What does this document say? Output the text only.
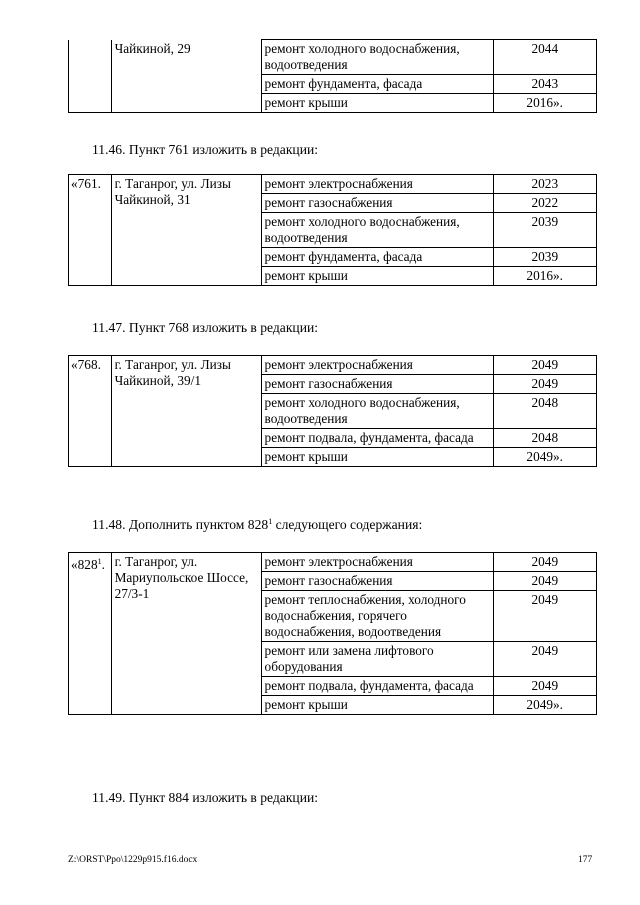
	Чайкиной, 29	ремонт холодного водоснабжения, водоотведения	2044
		ремонт фундамента, фасада	2043
		ремонт крыши	2016».
11.46. Пункт 761 изложить в редакции:
«761.	г. Таганрог, ул. Лизы Чайкиной, 31	ремонт электроснабжения	2023
		ремонт газоснабжения	2022
		ремонт холодного водоснабжения, водоотведения	2039
		ремонт фундамента, фасада	2039
		ремонт крыши	2016».
11.47. Пункт 768 изложить в редакции:
«768.	г. Таганрог, ул. Лизы Чайкиной, 39/1	ремонт электроснабжения	2049
		ремонт газоснабжения	2049
		ремонт холодного водоснабжения, водоотведения	2048
		ремонт подвала, фундамента, фасада	2048
		ремонт крыши	2049».
11.48. Дополнить пунктом $828^1$ следующего содержания:
«$828^1$.	г. Таганрог, ул. Мариупольское Шоссе, 27/3-1	ремонт электроснабжения	2049
		ремонт газоснабжения	2049
		ремонт теплоснабжения, холодного водоснабжения, горячего водоснабжения, водоотведения	2049
		ремонт или замена лифтового оборудования	2049
		ремонт подвала, фундамента, фасада	2049
		ремонт крыши	2049».
11.49. Пункт 884 изложить в редакции:
Z:\ORST\Ppo\1229p915.f16.docx	177
